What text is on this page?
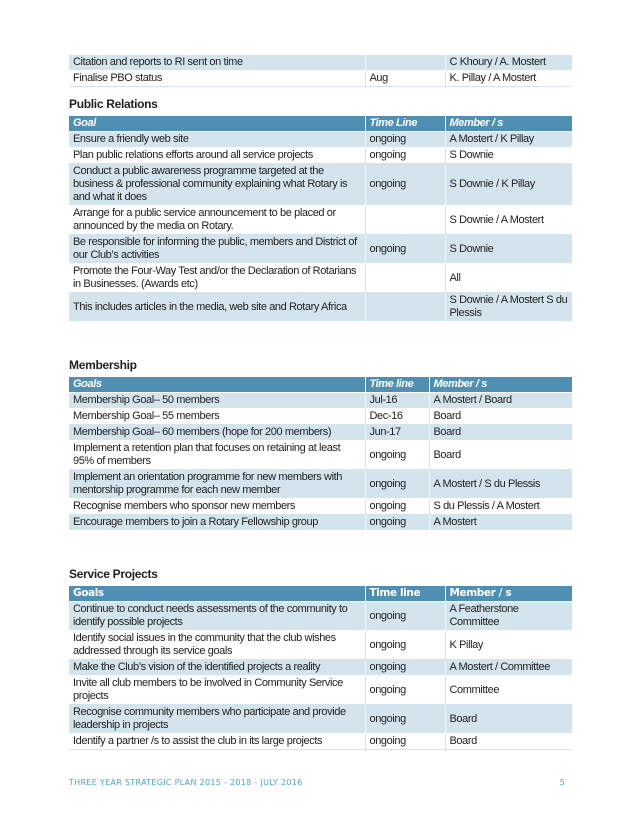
Citation and reports to RI sent on time		C Khoury / A. Mostert
Finalise PBO status	Aug	K. Pillay / A Mostert

Public Relations

Goal	Time Line	Member / s
Ensure a friendly web site	ongoing	A Mostert / K Pillay
Plan public relations efforts around all service projects	ongoing	S Downie
Conduct a public awareness programme targeted at the business & professional community explaining what Rotary is and what it does	ongoing	S Downie / K Pillay
Arrange for a public service announcement to be placed or announced by the media on Rotary.		S Downie / A Mostert
Be responsible for informing the public, members and District of our Club’s activities	ongoing	S Downie
Promote the Four-Way Test and/or the Declaration of Rotarians in Businesses. (Awards etc)		All
This includes articles in the media, web site and Rotary Africa		S Downie / A Mostert S du Plessis

Membership

Goals	Time line	Member / s
Membership Goal– 50 members	Jul-16	A Mostert / Board
Membership Goal– 55 members	Dec-16	Board
Membership Goal– 60 members (hope for 200 members)	Jun-17	Board
Implement a retention plan that focuses on retaining at least 95% of members	ongoing	Board
Implement an orientation programme for new members with mentorship programme for each new member	ongoing	A Mostert / S du Plessis
Recognise members who sponsor new members	ongoing	S du Plessis / A Mostert
Encourage members to join a Rotary Fellowship group	ongoing	A Mostert

Service Projects

Goals	Time line	Member / s
Continue to conduct needs assessments of the community to identify possible projects	ongoing	A Featherstone Committee
Identify social issues in the community that the club wishes addressed through its service goals	ongoing	K Pillay
Make the Club’s vision of the identified projects a reality	ongoing	A Mostert / Committee
Invite all club members to be involved in Community Service projects	ongoing	Committee
Recognise community members who participate and provide leadership in projects	ongoing	Board
Identify a partner /s to assist the club in its large projects	ongoing	Board
THREE YEAR STRATEGIC PLAN 2015 - 2018 - JULY 2016	5
